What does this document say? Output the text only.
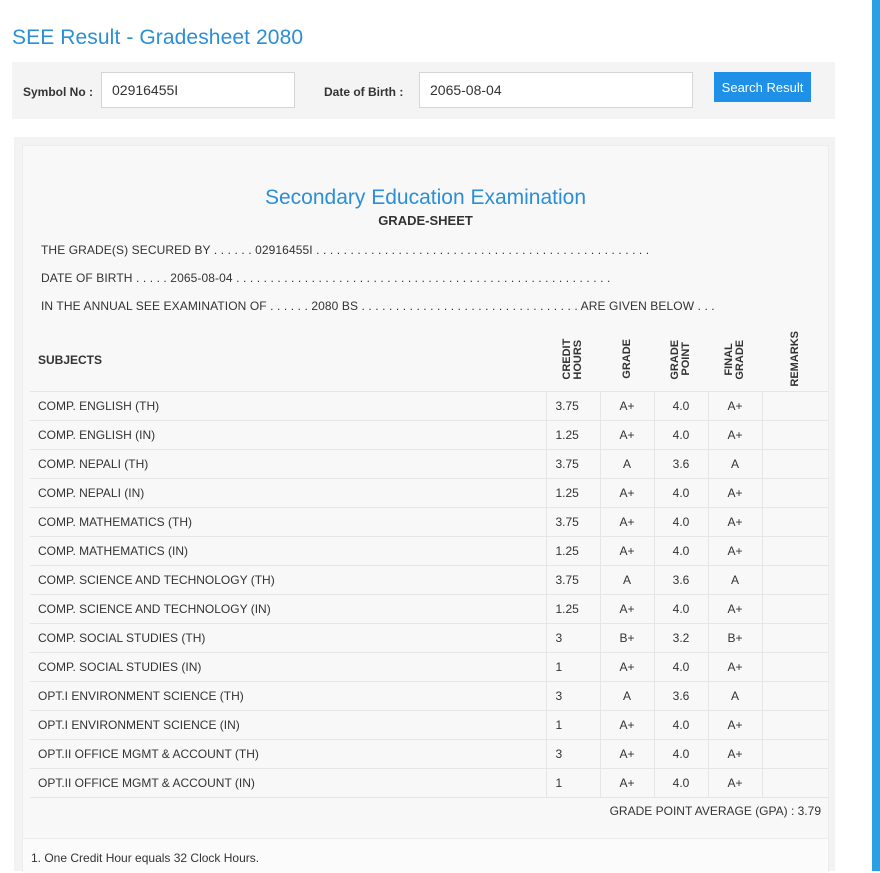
SEE Result - Gradesheet 2080
Symbol No :
02916455I	Date of Birth :
2065-08-04	Search Result
Secondary Education Examination
GRADE-SHEET
THE GRADE(S) SECURED BY . . . . . . 02916455I . . . . . . . . . . . . . . . . . . . . . . . . . . . . . . . . . . . . . . . . . . . . . . . . .
DATE OF BIRTH . . . . . 2065-08-04 . . . . . . . . . . . . . . . . . . . . . . . . . . . . . . . . . . . . . . . . . . . . . . . . . . . . . . .
IN THE ANNUAL SEE EXAMINATION OF . . . . . . 2080 BS . . . . . . . . . . . . . . . . . . . . . . . . . . . . . . . . ARE GIVEN BELOW . . .
SUBJECTS	CREDIT HOURS	GRADE	GRADE POINT	FINAL GRADE	REMARKS
COMP. ENGLISH (TH)	3.75	A+	4.0	A+	
COMP. ENGLISH (IN)	1.25	A+	4.0	A+	
COMP. NEPALI (TH)	3.75	A	3.6	A	
COMP. NEPALI (IN)	1.25	A+	4.0	A+	
COMP. MATHEMATICS (TH)	3.75	A+	4.0	A+	
COMP. MATHEMATICS (IN)	1.25	A+	4.0	A+	
COMP. SCIENCE AND TECHNOLOGY (TH)	3.75	A	3.6	A	
COMP. SCIENCE AND TECHNOLOGY (IN)	1.25	A+	4.0	A+	
COMP. SOCIAL STUDIES (TH)	3	B+	3.2	B+	
COMP. SOCIAL STUDIES (IN)	1	A+	4.0	A+	
OPT.I ENVIRONMENT SCIENCE (TH)	3	A	3.6	A	
OPT.I ENVIRONMENT SCIENCE (IN)	1	A+	4.0	A+	
OPT.II OFFICE MGMT & ACCOUNT (TH)	3	A+	4.0	A+	
OPT.II OFFICE MGMT & ACCOUNT (IN)	1	A+	4.0	A+	
GRADE POINT AVERAGE (GPA) : 3.79
1. One Credit Hour equals 32 Clock Hours.
